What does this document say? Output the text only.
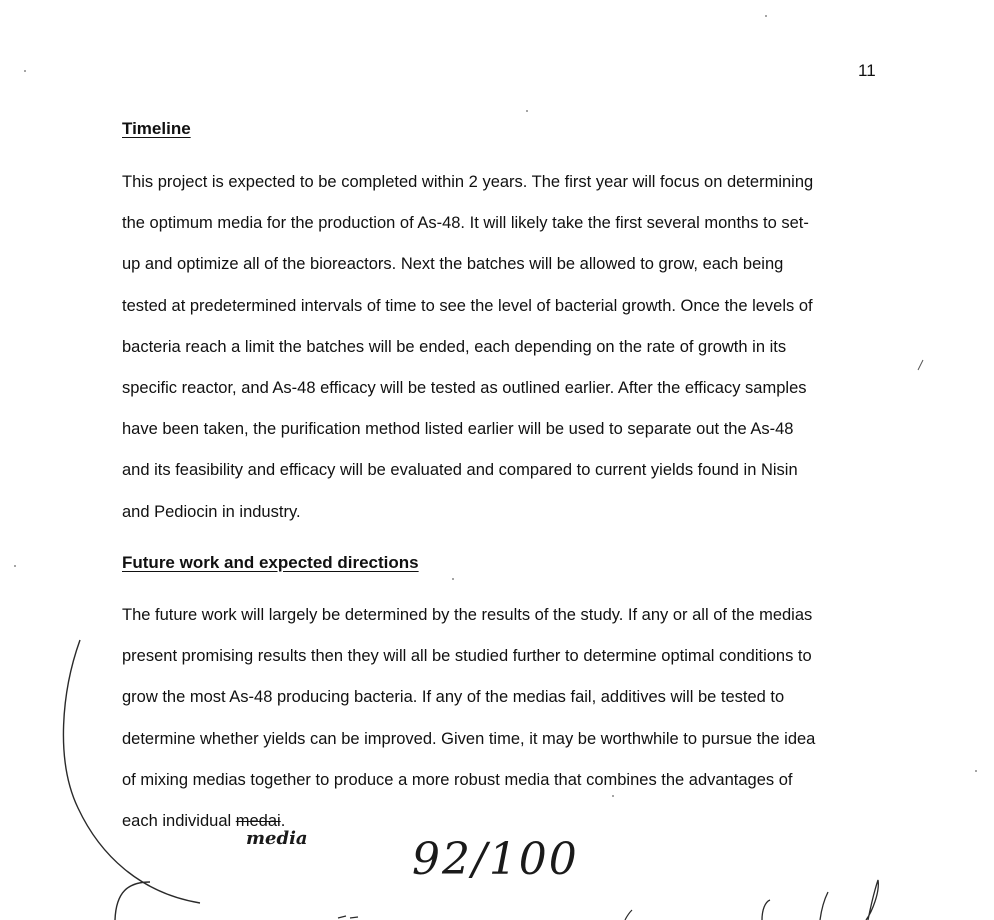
11
Timeline
This project is expected to be completed within 2 years. The first year will focus on determining
the optimum media for the production of As-48. It will likely take the first several months to set-
up and optimize all of the bioreactors. Next the batches will be allowed to grow, each being
tested at predetermined intervals of time to see the level of bacterial growth. Once the levels of
bacteria reach a limit the batches will be ended, each depending on the rate of growth in its
specific reactor, and As-48 efficacy will be tested as outlined earlier. After the efficacy samples
have been taken, the purification method listed earlier will be used to separate out the As-48
and its feasibility and efficacy will be evaluated and compared to current yields found in Nisin
and Pediocin in industry.
Future work and expected directions
The future work will largely be determined by the results of the study. If any or all of the medias
present promising results then they will all be studied further to determine optimal conditions to
grow the most As-48 producing bacteria. If any of the medias fail, additives will be tested to
determine whether yields can be improved. Given time, it may be worthwhile to pursue the idea
of mixing medias together to produce a more robust media that combines the advantages of
each individual medai.
media 92/100
